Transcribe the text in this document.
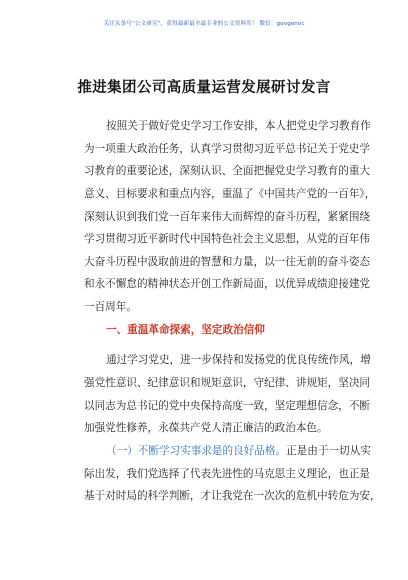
关注头条号“公文研究”，获得最新最全最专业的公文资料库！ 微信：govgenvc
推进集团公司高质量运营发展研讨发言
按照关于做好党史学习工作安排，本人把党史学习教育作
为一项重大政治任务，认真学习贯彻习近平总书记关于党史学
习教育的重要论述，深刻认识、全面把握党史学习教育的重大
意义、目标要求和重点内容，重温了《中国共产党的一百年》，
深刻认识到我们党一百年来伟大而辉煌的奋斗历程，紧紧围绕
学习贯彻习近平新时代中国特色社会主义思想，从党的百年伟
大奋斗历程中汲取前进的智慧和力量，以一往无前的奋斗姿态
和永不懈怠的精神状态开创工作新局面，以优异成绩迎接建党
一百周年。
一、重温革命探索，坚定政治信仰
通过学习党史，进一步保持和发扬党的优良传统作风，增
强党性意识、纪律意识和规矩意识，守纪律、讲规矩，坚决同
以同志为总书记的党中央保持高度一致，坚定理想信念，不断
加强党性修养，永葆共产党人清正廉洁的政治本色。
（一）不断学习实事求是的良好品格。正是由于一切从实
际出发，我们党选择了代表先进性的马克思主义理论，也正是
基于对时局的科学判断，才让我党在一次次的危机中转危为安，
